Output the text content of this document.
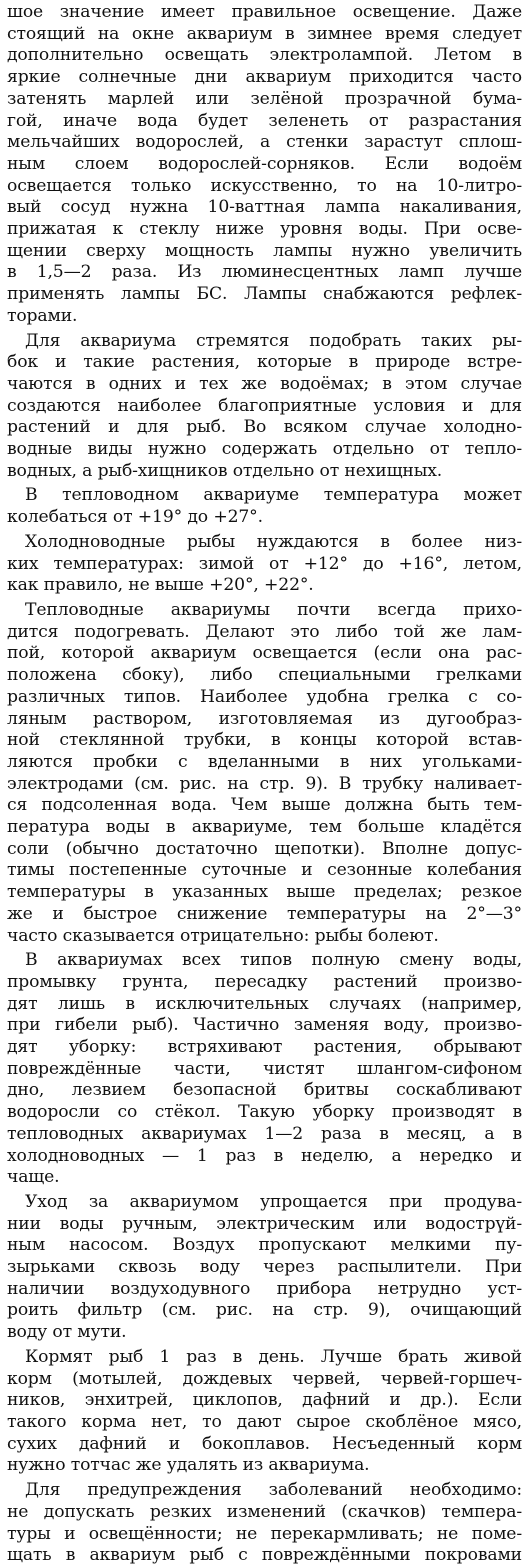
шое значение имеет правильное освещение. Даже
стоящий на окне аквариум в зимнее время следует
дополнительно освещать электролампой. Летом в
яркие солнечные дни аквариум приходится часто
затенять марлей или зелёной прозрачной бума-
гой, иначе вода будет зеленеть от разрастания
мельчайших водорослей, а стенки зарастут сплош-
ным слоем водорослей-сорняков. Если водоём
освещается только искусственно, то на 10-литро-
вый сосуд нужна 10-ваттная лампа накаливания,
прижатая к стеклу ниже уровня воды. При осве-
щении сверху мощность лампы нужно увеличить
в 1,5—2 раза. Из люминесцентных ламп лучше
применять лампы БС. Лампы снабжаются рефлек-
торами.
Для аквариума стремятся подобрать таких ры-
бок и такие растения, которые в природе встре-
чаются в одних и тех же водоёмах; в этом случае
создаются наиболее благоприятные условия и для
растений и для рыб. Во всяком случае холодно-
водные виды нужно содержать отдельно от тепло-
водных, а рыб-хищников отдельно от нехищных.
В тепловодном аквариуме температура может
колебаться от +19° до +27°.
Холодноводные рыбы нуждаются в более низ-
ких температурах: зимой от +12° до +16°, летом,
как правило, не выше +20°, +22°.
Тепловодные аквариумы почти всегда прихо-
дится подогревать. Делают это либо той же лам-
пой, которой аквариум освещается (если она рас-
положена сбоку), либо специальными грелками
различных типов. Наиболее удобна грелка с со-
ляным раствором, изготовляемая из дугообраз-
ной стеклянной трубки, в концы которой встав-
ляются пробки с вделанными в них угольками-
электродами (см. рис. на стр. 9). В трубку наливает-
ся подсоленная вода. Чем выше должна быть тем-
пература воды в аквариуме, тем больше кладётся
соли (обычно достаточно щепотки). Вполне допус-
тимы постепенные суточные и сезонные колебания
температуры в указанных выше пределах; резкое
же и быстрое снижение температуры на 2°—3°
часто сказывается отрицательно: рыбы болеют.
В аквариумах всех типов полную смену воды,
промывку грунта, пересадку растений произво-
дят лишь в исключительных случаях (например,
при гибели рыб). Частично заменяя воду, произво-
дят уборку: встряхивают растения, обрывают
повреждённые части, чистят шлангом-сифоном
дно, лезвием безопасной бритвы соскабливают
водоросли со стёкол. Такую уборку производят в
тепловодных аквариумах 1—2 раза в месяц, а в
холодноводных — 1 раз в неделю, а нередко и
чаще.
Уход за аквариумом упрощается при продува-
нии воды ручным, электрическим или водострүй-
ным насосом. Воздух пропускают мелкими пу-
зырьками сквозь воду через распылители. При
наличии воздуходувного прибора нетрудно уст-
роить фильтр (см. рис. на стр. 9), очищающий
воду от мути.
Кормят рыб 1 раз в день. Лучше брать живой
корм (мотылей, дождевых червей, червей-горшеч-
ников, энхитрей, циклопов, дафний и др.). Если
такого корма нет, то дают сырое скоблёное мясо,
сухих дафний и бокоплавов. Несъеденный корм
нужно тотчас же удалять из аквариума.
Для предупреждения заболеваний необходимо:
не допускать резких изменений (скачков) темпера-
туры и освещённости; не перекармливать; не поме-
щать в аквариум рыб с повреждёнными покровами
